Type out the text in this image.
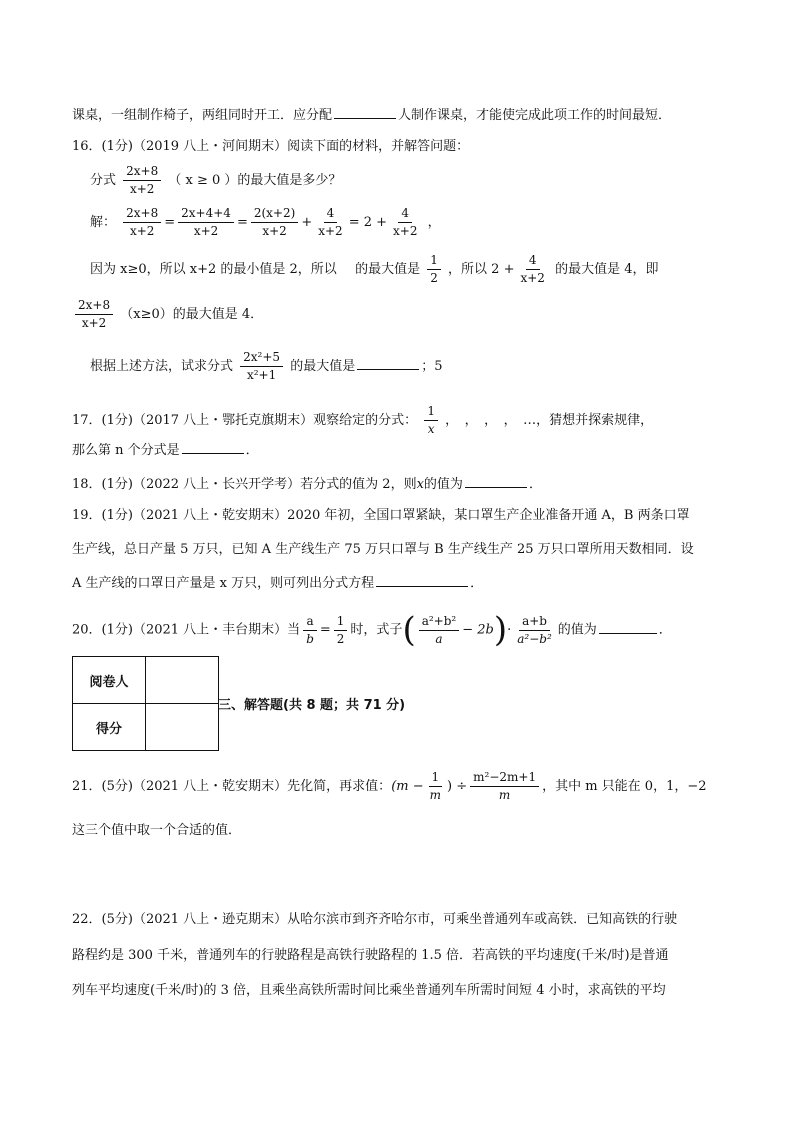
课桌，一组制作椅子，两组同时开工．应分配	人制作课桌，才能使完成此项工作的时间最短．
16．(1分)（2019 八上・河间期末）阅读下面的材料，并解答问题：
分式 $\frac{2x+8}{x+2}$ （ x ≥ 0 ）的最大值是多少？
解： $\frac{2x+8}{x+2} = \frac{2x+4+4}{x+2} = \frac{2(x+2)}{x+2} + \frac{4}{x+2} = 2 + \frac{4}{x+2}$ ，
因为 x≥0，所以 x+2 的最小值是 2，所以 的最大值是 $\frac{1}{2}$ ，所以 $2 + \frac{4}{x+2}$ 的最大值是 4，即
$\frac{2x+8}{x+2} (x\ge 0)$的最大值是 4．
根据上述方法，试求分式 $\frac{\text{2x²+5}}{\text{x²+1}}$ 的最大值是	；5
17．(1分)（2017 八上・鄂托克旗期末）观察给定的分式： $\frac{1}{x}$ ，　，　，　，　…，猜想并探索规律，
那么第 n 个分式是	．
18．(1分)（2022 八上・长兴开学考）若分式的值为 2，则x的值为	．
19．(1分)（2021 八上・乾安期末）2020 年初，全国口罩紧缺，某口罩生产企业准备开通 A，B 两条口罩
生产线，总日产量 5 万只，已知 A 生产线生产 75 万只口罩与 B 生产线生产 25 万只口罩所用天数相同．设
A 生产线的口罩日产量是 x 万只，则可列出分式方程	．
20．(1分)（2021 八上・丰台期末）当 $\frac{a}{b} = \frac{1}{2}$ 时，式子( $\frac{\text{a²+b²}}{a} - 2b)\cdot \frac{a+b}{\text{a²−b²}}$ 的值为	．
阅卷人	
得分	
三、解答题(共 8 题；共 71 分)
21．(5分)（2021 八上・乾安期末）先化简，再求值：($m - \frac{1}{m}$ ) ÷ $\frac{\text{m²−2m+1}}{m}$ ，其中 m 只能在 0，1，−2
这三个值中取一个合适的值．
22．(5分)（2021 八上・逊克期末）从哈尔滨市到齐齐哈尔市，可乘坐普通列车或高铁．已知高铁的行驶
路程约是 300 千米，普通列车的行驶路程是高铁行驶路程的 1.5 倍．若高铁的平均速度(千米/时)是普通
列车平均速度(千米/时)的 3 倍，且乘坐高铁所需时间比乘坐普通列车所需时间短 4 小时，求高铁的平均
